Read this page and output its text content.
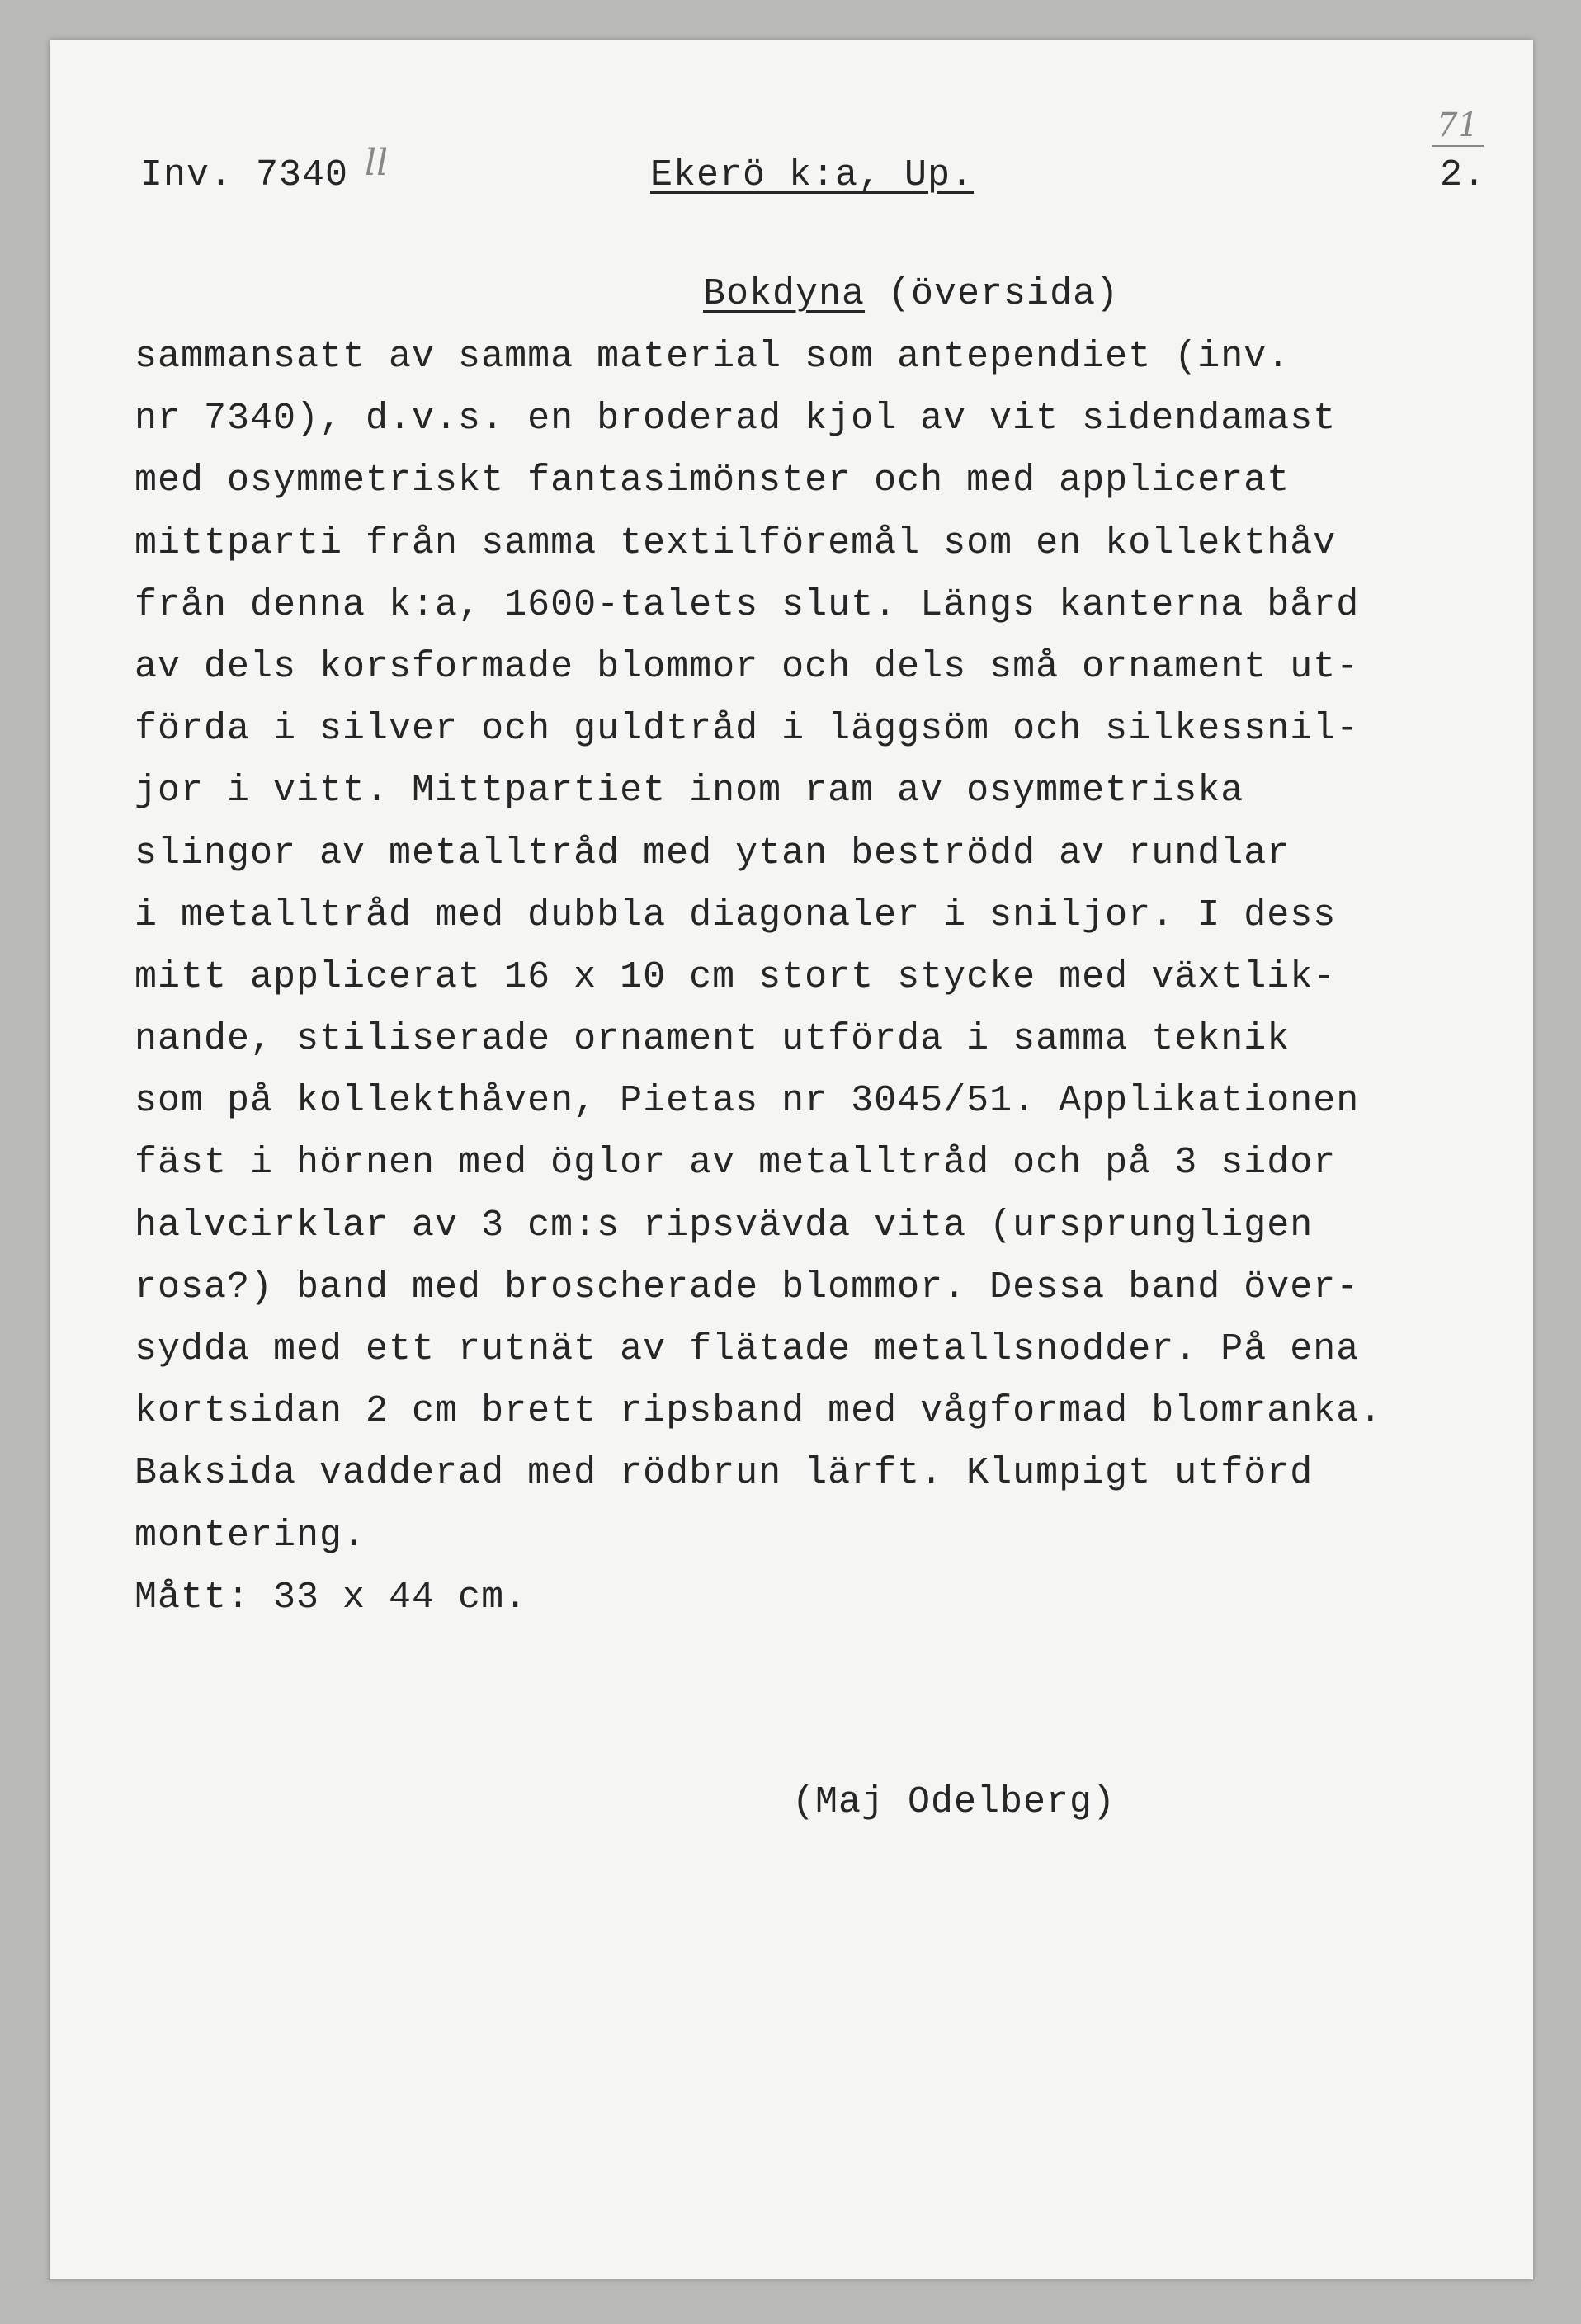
Inv. 7340 ll	Ekerö k:a, Up.	2.
71
Bokdyna (översida)
sammansatt av samma material som antependiet (inv.
nr 7340), d.v.s. en broderad kjol av vit sidendamast
med osymmetriskt fantasimönster och med applicerat
mittparti från samma textilföremål som en kollekthåv
från denna k:a, 1600-talets slut. Längs kanterna bård
av dels korsformade blommor och dels små ornament ut-
förda i silver och guldtråd i läggsöm och silkessnil-
jor i vitt. Mittpartiet inom ram av osymmetriska
slingor av metalltråd med ytan beströdd av rundlar
i metalltråd med dubbla diagonaler i sniljor. I dess
mitt applicerat 16 x 10 cm stort stycke med växtlik-
nande, stiliserade ornament utförda i samma teknik
som på kollekthåven, Pietas nr 3045/51. Applikationen
fäst i hörnen med öglor av metalltråd och på 3 sidor
halvcirklar av 3 cm:s ripsvävda vita (ursprungligen
rosa?) band med broscherade blommor. Dessa band över-
sydda med ett rutnät av flätade metallsnodder. På ena
kortsidan 2 cm brett ripsband med vågformad blomranka.
Baksida vadderad med rödbrun lärft. Klumpigt utförd
montering.
Mått: 33 x 44 cm.
(Maj Odelberg)
